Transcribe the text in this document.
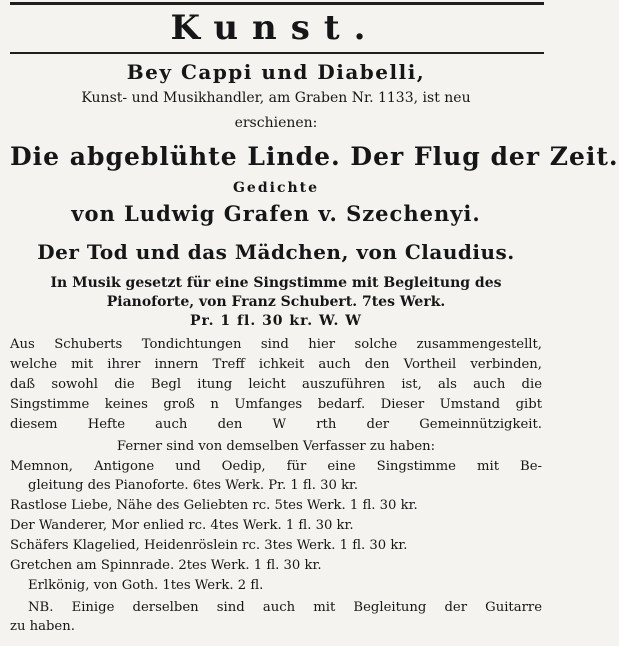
Kunst.
Bey Cappi und Diabelli,
Kunst- und Musikhandler, am Graben Nr. 1133, ist neu
erschienen:
Die abgeblühte Linde. Der Flug der Zeit.
Gedichte
von Ludwig Grafen v. Szechenyi.
Der Tod und das Mädchen, von Claudius.
In Musik gesetzt für eine Singstimme mit Begleitung des
Pianoforte, von Franz Schubert. 7tes Werk.
Pr. 1 fl. 30 kr. W. W
Aus Schuberts Tondichtungen sind hier solche zusammengestellt,
welche mit ihrer innern Treff ichkeit auch den Vortheil verbinden,
daß sowohl die Begl itung leicht auszuführen ist, als auch die
Singstimme keines groß n Umfanges bedarf. Dieser Umstand gibt
diesem Hefte auch den W rth der Gemeinnützigkeit.
Ferner sind von demselben Verfasser zu haben:
Memnon, Antigone und Oedip, für eine Singstimme mit Be-
gleitung des Pianoforte. 6tes Werk. Pr. 1 fl. 30 kr.
Rastlose Liebe, Nähe des Geliebten rc. 5tes Werk. 1 fl. 30 kr.
Der Wanderer, Mor enlied rc. 4tes Werk. 1 fl. 30 kr.
Schäfers Klagelied, Heidenröslein rc. 3tes Werk. 1 fl. 30 kr.
Gretchen am Spinnrade. 2tes Werk. 1 fl. 30 kr.
Erlkönig, von Goth. 1tes Werk. 2 fl.
NB. Einige derselben sind auch mit Begleitung der Guitarre
zu haben.
